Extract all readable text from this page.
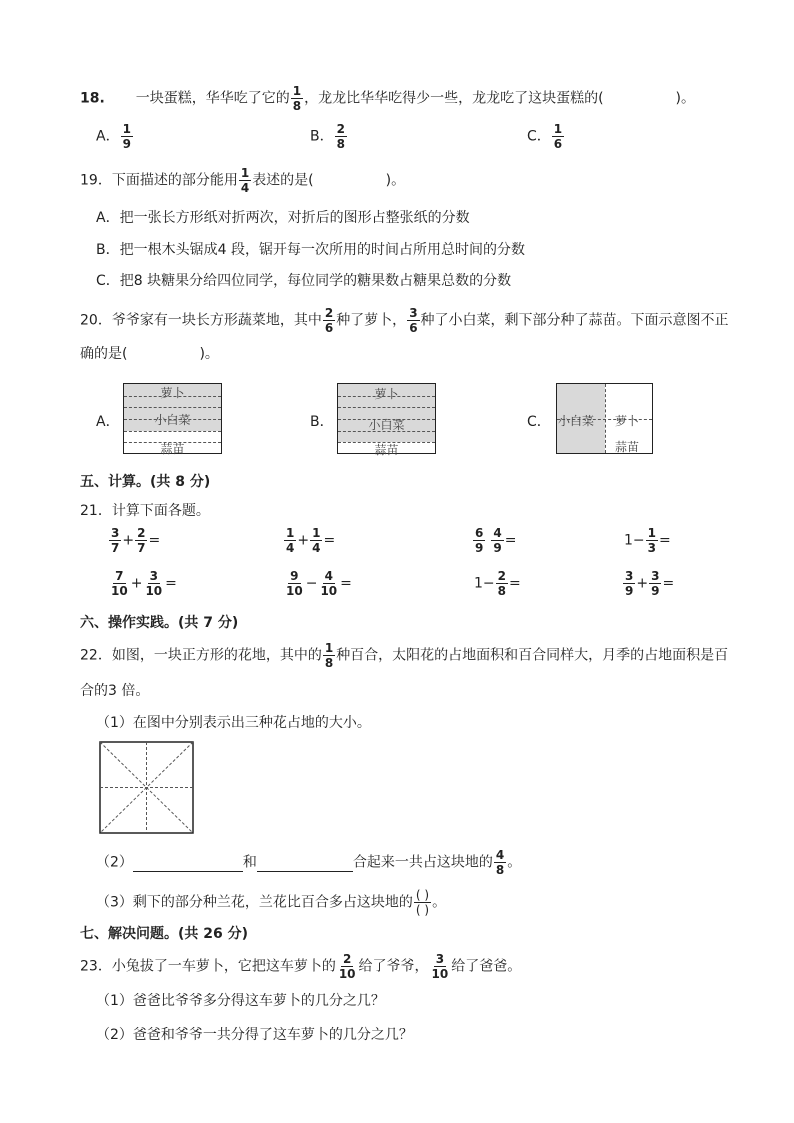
18. 一块蛋糕，华华吃了它的 $\frac{1}{8}$ ，龙龙比华华吃得少一些，龙龙吃了这块蛋糕的(	)。
A． $\frac{1}{9}$	B． $\frac{2}{8}$	C． $\frac{1}{6}$
19．下面描述的部分能用 $\frac{1}{4}$ 表述的是(	)。
A．把一张长方形纸对折两次，对折后的图形占整张纸的分数
B．把一根木头锯成4 段，锯开每一次所用的时间占所用总时间的分数
C．把8 块糖果分给四位同学，每位同学的糖果数占糖果总数的分数
20．爷爷家有一块长方形蔬菜地，其中 $\frac{2}{6}$ 种了萝卜， $\frac{3}{6}$ 种了小白菜，剩下部分种了蒜苗。下面示意图不正
确的是(	)。
A．
萝卜
小白菜
蒜苗
B．
萝卜
小白菜
蒜苗
C． 小白菜 萝卜
蒜苗
五、计算。(共 8 分)
21．计算下面各题。
$\frac{3}{7} + \frac{2}{7}$ =	$\frac{1}{4} + \frac{1}{4}$ =	$\frac{6}{9} \frac{4}{9}$ =	$1- \frac{1}{3}$ =
$\frac{7}{10} + \frac{3}{10}$ =	$\frac{9}{10} - \frac{4}{10}$ =	$1- \frac{2}{8}$ =	$\frac{3}{9} + \frac{3}{9}$ =
六、操作实践。(共 7 分)
22．如图，一块正方形的花地，其中的 $\frac{1}{8}$ 种百合，太阳花的占地面积和百合同样大，月季的占地面积是百
合的3 倍。
（1）在图中分别表示出三种花占地的大小。
（2）	和	合起来一共占这块地的 $\frac{4}{8}$ 。
（3）剩下的部分种兰花，兰花比百合多占这块地的 $\frac{( )}{( )}$ 。
七、解决问题。(共 26 分)
23．小兔拔了一车萝卜，它把这车萝卜的 $\frac{2}{10}$ 给了爷爷， $\frac{3}{10}$ 给了爸爸。
（1）爸爸比爷爷多分得这车萝卜的几分之几？
（2）爸爸和爷爷一共分得了这车萝卜的几分之几？
